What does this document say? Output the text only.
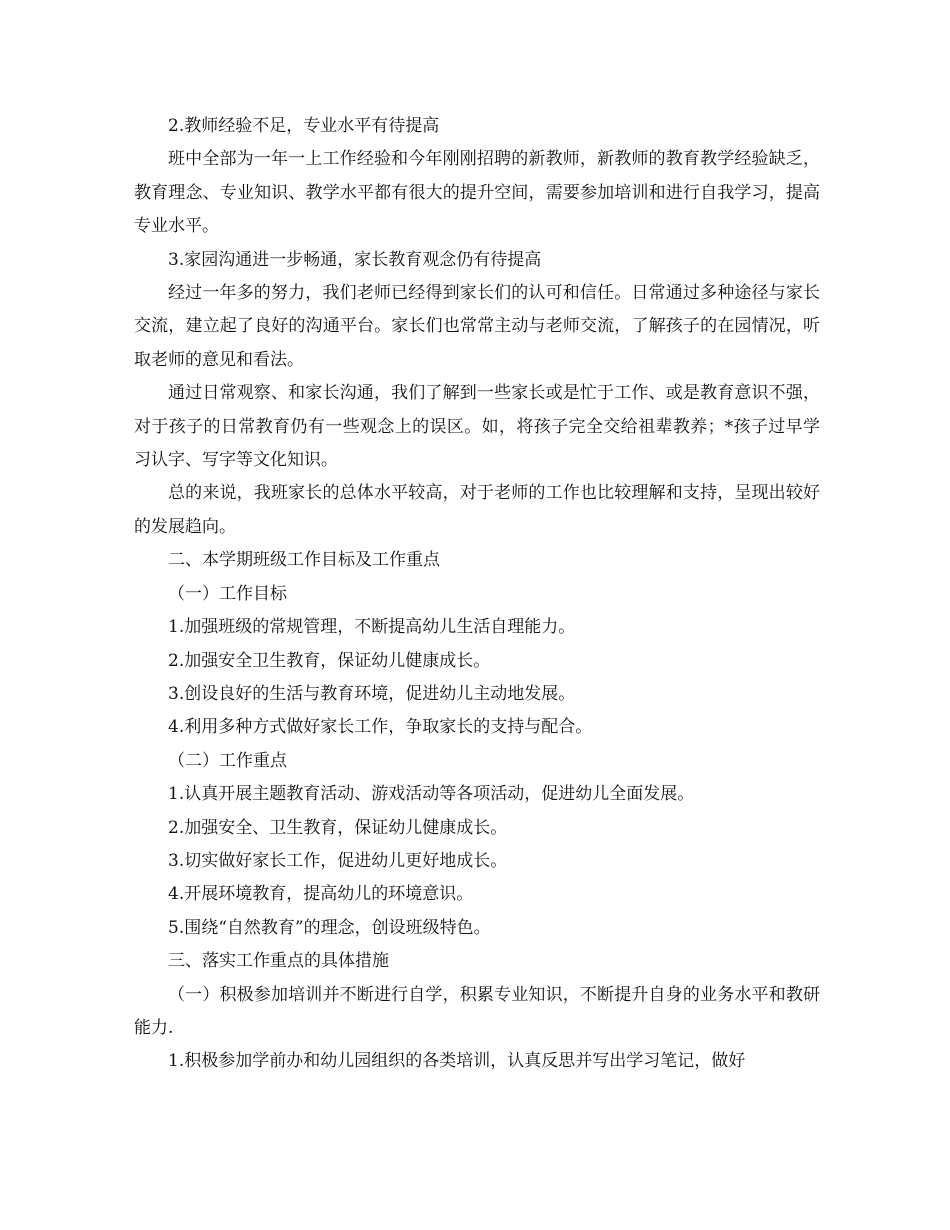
2.教师经验不足，专业水平有待提高

班中全部为一年一上工作经验和今年刚刚招聘的新教师，新教师的教育教学经验缺乏，教育理念、专业知识、教学水平都有很大的提升空间，需要参加培训和进行自我学习，提高专业水平。

3.家园沟通进一步畅通，家长教育观念仍有待提高

经过一年多的努力，我们老师已经得到家长们的认可和信任。日常通过多种途径与家长交流，建立起了良好的沟通平台。家长们也常常主动与老师交流，了解孩子的在园情况，听取老师的意见和看法。

通过日常观察、和家长沟通，我们了解到一些家长或是忙于工作、或是教育意识不强，对于孩子的日常教育仍有一些观念上的误区。如，将孩子完全交给祖辈教养；*孩子过早学习认字、写字等文化知识。

总的来说，我班家长的总体水平较高，对于老师的工作也比较理解和支持，呈现出较好的发展趋向。

二、本学期班级工作目标及工作重点

（一）工作目标

1.加强班级的常规管理，不断提高幼儿生活自理能力。

2.加强安全卫生教育，保证幼儿健康成长。

3.创设良好的生活与教育环境，促进幼儿主动地发展。

4.利用多种方式做好家长工作，争取家长的支持与配合。

（二）工作重点

1.认真开展主题教育活动、游戏活动等各项活动，促进幼儿全面发展。

2.加强安全、卫生教育，保证幼儿健康成长。

3.切实做好家长工作，促进幼儿更好地成长。

4.开展环境教育，提高幼儿的环境意识。

5.围绕“自然教育”的理念，创设班级特色。

三、落实工作重点的具体措施

（一）积极参加培训并不断进行自学，积累专业知识，不断提升自身的业务水平和教研能力.

1.积极参加学前办和幼儿园组织的各类培训，认真反思并写出学习笔记，做好
